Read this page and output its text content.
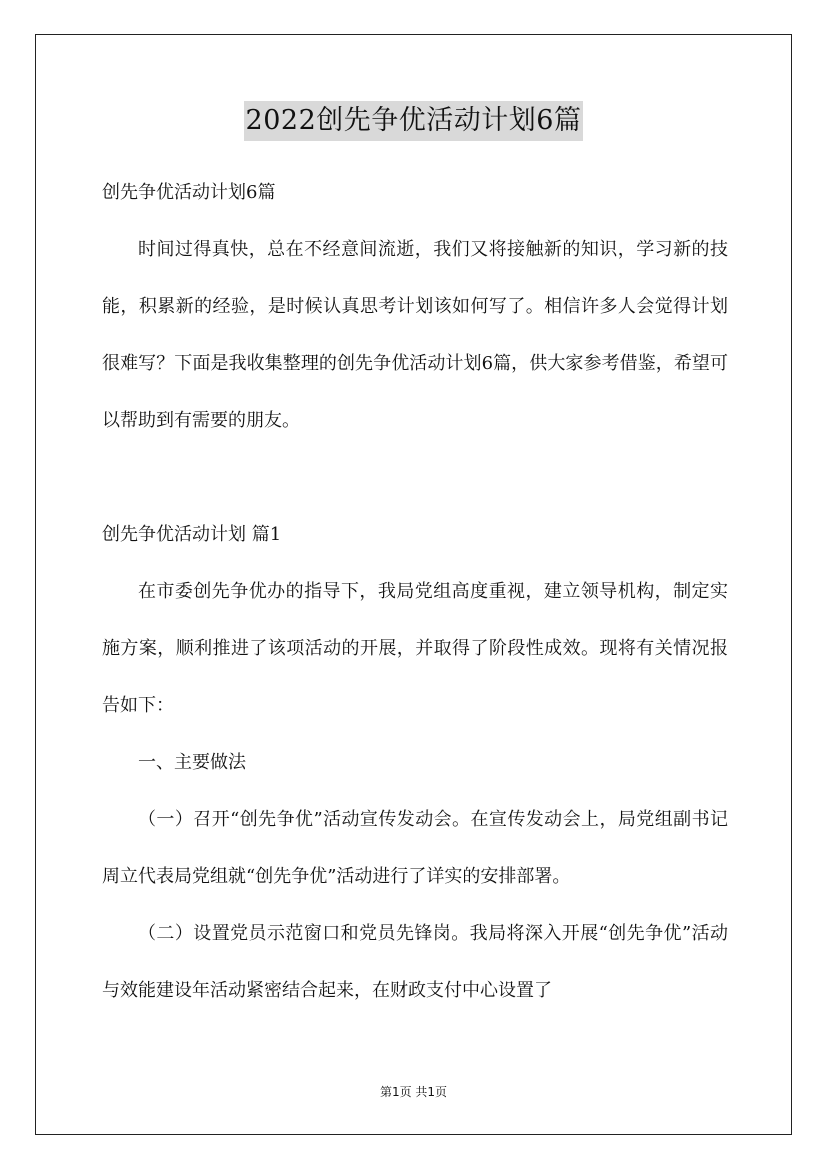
2022创先争优活动计划6篇

创先争优活动计划6篇

时间过得真快，总在不经意间流逝，我们又将接触新的知识，学习新的技能，积累新的经验，是时候认真思考计划该如何写了。相信许多人会觉得计划很难写？下面是我收集整理的创先争优活动计划6篇，供大家参考借鉴，希望可以帮助到有需要的朋友。

创先争优活动计划 篇1

在市委创先争优办的指导下，我局党组高度重视，建立领导机构，制定实施方案，顺利推进了该项活动的开展，并取得了阶段性成效。现将有关情况报告如下：

一、主要做法

（一）召开“创先争优”活动宣传发动会。在宣传发动会上，局党组副书记周立代表局党组就“创先争优”活动进行了详实的安排部署。

（二）设置党员示范窗口和党员先锋岗。我局将深入开展“创先争优”活动与效能建设年活动紧密结合起来，在财政支付中心设置了

第1页 共1页
